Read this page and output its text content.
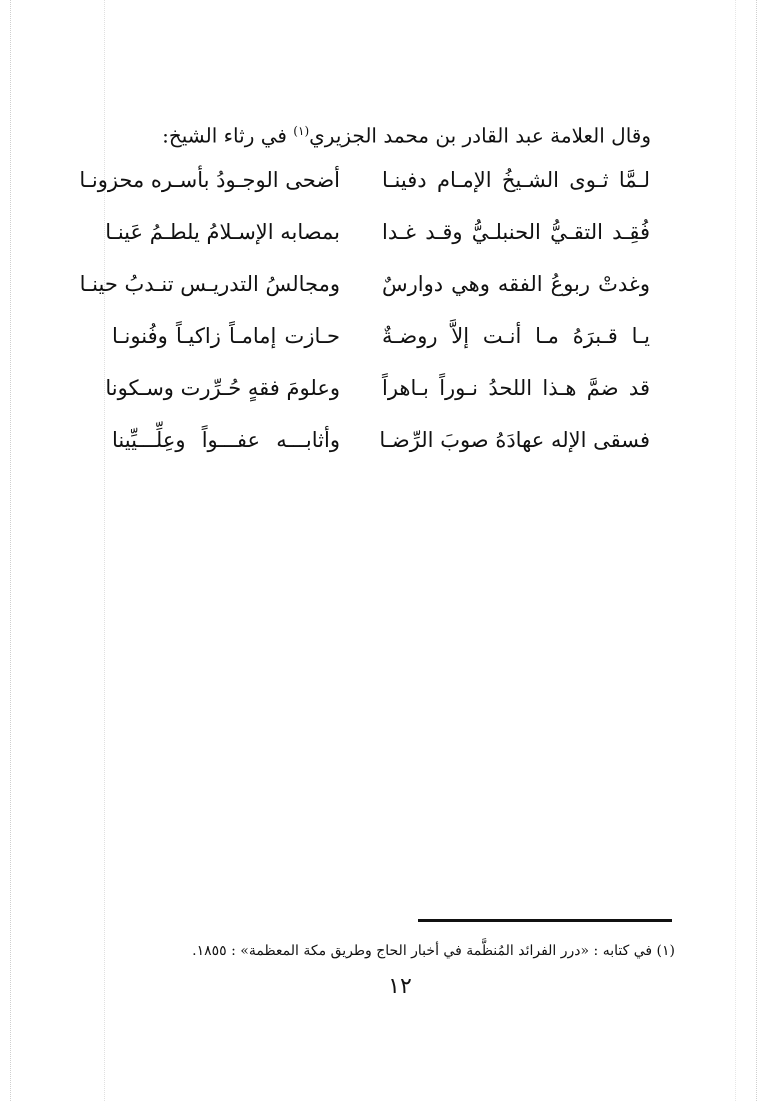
وقال العلامة عبد القادر بن محمد الجزيري$^{(١)}$ في رثاء الشيخ:
لـمَّا ثـوى الشـيخُ الإمـام دفينـا
أضحى الوجـودُ بأسـره محزونـا
فُقِـد التقـيُّ الحنبلـيُّ وقـد غـدا
بمصابه الإسـلامُ يلطـمُ عَينـا
وغدتْ ربوعُ الفقه وهي دوارسٌ
ومجالسُ التدريـس تنـدبُ حينـا
يـا قـبرَهُ مـا أنـت إلاَّ روضـةٌ
حـازت إمامـاً زاكيـاً وفُنونـا
قد ضمَّ هـذا اللحدُ نـوراً بـاهراً
وعلومَ فقهٍ حُـرِّرت وسـكونا
فسقى الإله عهادَهُ صوبَ الرِّضـا
وأثابـــه عفـــواً وعِلِّـــيِّينا
(١) في كتابه : «درر الفرائد المُنظَّمة في أخبار الحاج وطريق مكة المعظمة» : ١٨٥٥.
١٢
